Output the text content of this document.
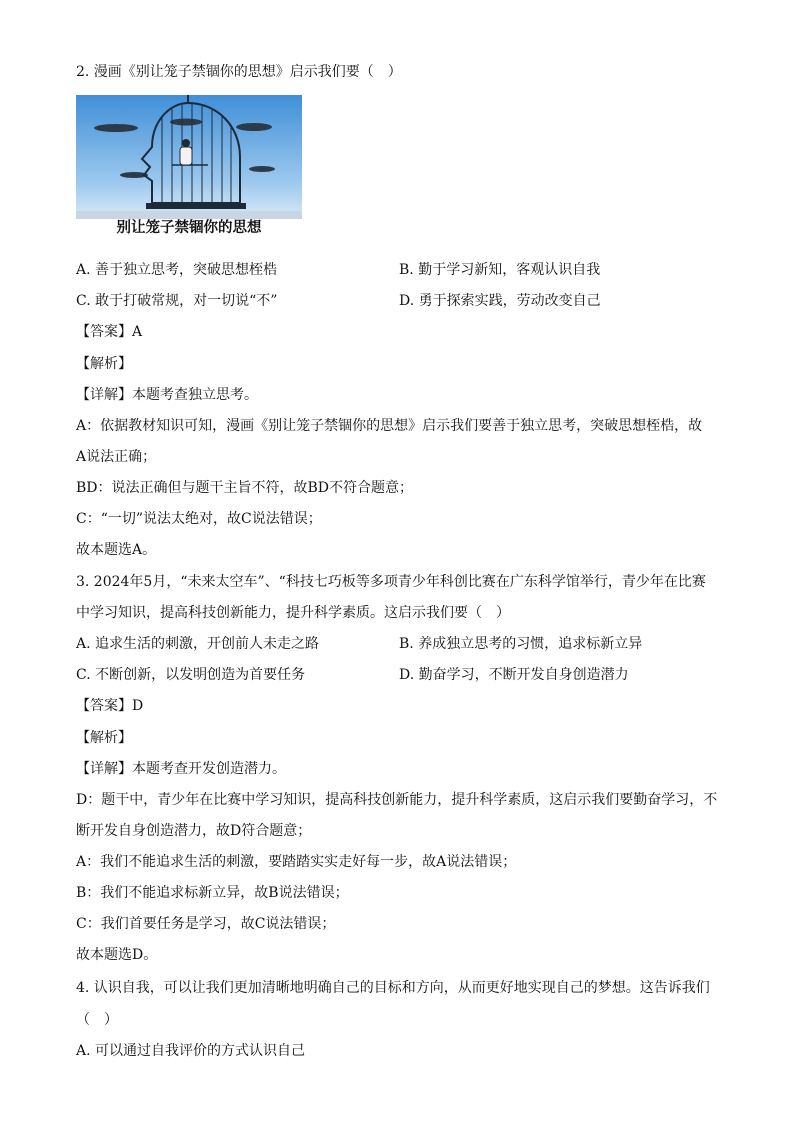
2. 漫画《别让笼子禁锢你的思想》启示我们要（　）
别让笼子禁锢你的思想
A. 善于独立思考，突破思想桎梏	B. 勤于学习新知，客观认识自我
C. 敢于打破常规，对一切说“不”	D. 勇于探索实践，劳动改变自己
【答案】A
【解析】
【详解】本题考查独立思考。
A：依据教材知识可知，漫画《别让笼子禁锢你的思想》启示我们要善于独立思考，突破思想桎梏，故
A说法正确；
BD：说法正确但与题干主旨不符，故BD不符合题意；
C：“一切”说法太绝对，故C说法错误；
故本题选A。
3. 2024年5月，“未来太空车”、“科技七巧板等多项青少年科创比赛在广东科学馆举行，青少年在比赛
中学习知识，提高科技创新能力，提升科学素质。这启示我们要（　）
A. 追求生活的刺激，开创前人未走之路	B. 养成独立思考的习惯，追求标新立异
C. 不断创新，以发明创造为首要任务	D. 勤奋学习，不断开发自身创造潜力
【答案】D
【解析】
【详解】本题考查开发创造潜力。
D：题干中，青少年在比赛中学习知识，提高科技创新能力，提升科学素质，这启示我们要勤奋学习，不
断开发自身创造潜力，故D符合题意；
A：我们不能追求生活的刺激，要踏踏实实走好每一步，故A说法错误；
B：我们不能追求标新立异，故B说法错误；
C：我们首要任务是学习，故C说法错误；
故本题选D。
4. 认识自我，可以让我们更加清晰地明确自己的目标和方向，从而更好地实现自己的梦想。这告诉我们
（　）
A. 可以通过自我评价的方式认识自己
